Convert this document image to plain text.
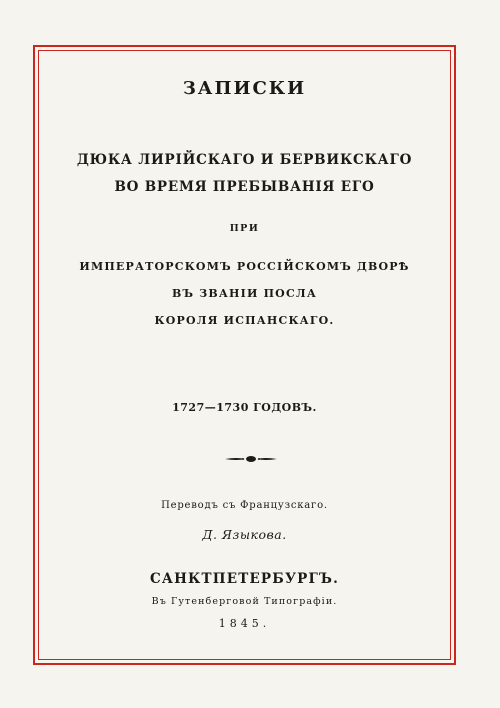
ЗАПИСКИ
ДЮКА ЛИРІЙСКАГО И БЕРВИКСКАГО
ВО ВРЕМЯ ПРЕБЫВАНІЯ ЕГО
ПРИ
ИМПЕРАТОРСКОМЪ РОССІЙСКОМЪ ДВОРѢ
ВЪ ЗВАНІИ ПОСЛА
КОРОЛЯ ИСПАНСКАГО.
1727—1730 ГОДОВЪ.
Переводъ съ Французскаго.
Д. Языкова.
САНКТПЕТЕРБУРГЪ.
Въ Гутенберговой Типографіи.
1845.
